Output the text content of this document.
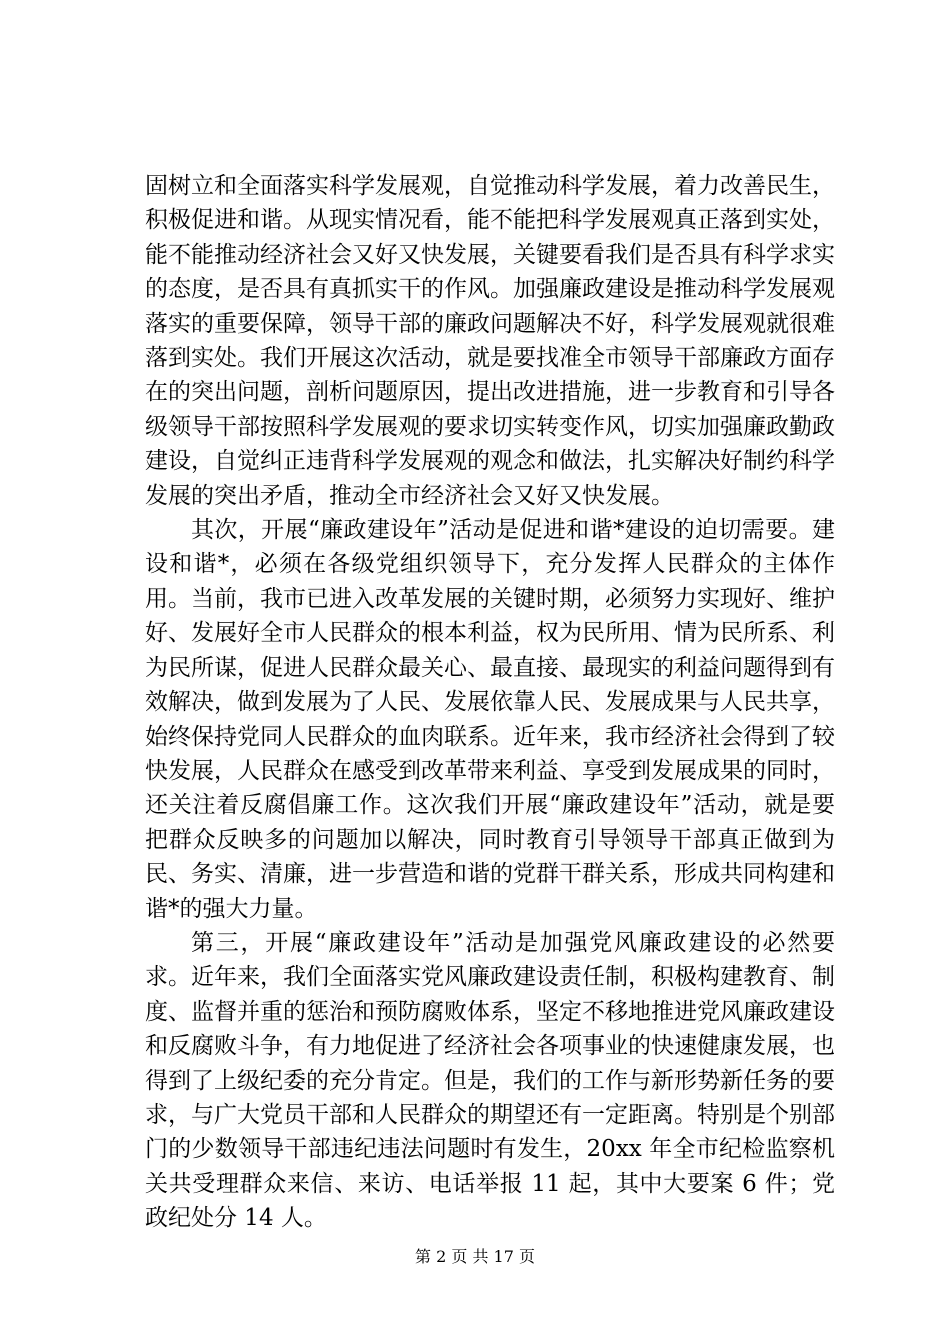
固树立和全面落实科学发展观，自觉推动科学发展，着力改善民生，积极促进和谐。从现实情况看，能不能把科学发展观真正落到实处，能不能推动经济社会又好又快发展，关键要看我们是否具有科学求实的态度，是否具有真抓实干的作风。加强廉政建设是推动科学发展观落实的重要保障，领导干部的廉政问题解决不好，科学发展观就很难落到实处。我们开展这次活动，就是要找准全市领导干部廉政方面存在的突出问题，剖析问题原因，提出改进措施，进一步教育和引导各级领导干部按照科学发展观的要求切实转变作风，切实加强廉政勤政建设，自觉纠正违背科学发展观的观念和做法，扎实解决好制约科学发展的突出矛盾，推动全市经济社会又好又快发展。

其次，开展“廉政建设年”活动是促进和谐*建设的迫切需要。建设和谐*，必须在各级党组织领导下，充分发挥人民群众的主体作用。当前，我市已进入改革发展的关键时期，必须努力实现好、维护好、发展好全市人民群众的根本利益，权为民所用、情为民所系、利为民所谋，促进人民群众最关心、最直接、最现实的利益问题得到有效解决，做到发展为了人民、发展依靠人民、发展成果与人民共享，始终保持党同人民群众的血肉联系。近年来，我市经济社会得到了较快发展，人民群众在感受到改革带来利益、享受到发展成果的同时，还关注着反腐倡廉工作。这次我们开展“廉政建设年”活动，就是要把群众反映多的问题加以解决，同时教育引导领导干部真正做到为民、务实、清廉，进一步营造和谐的党群干群关系，形成共同构建和谐*的强大力量。

第三，开展“廉政建设年”活动是加强党风廉政建设的必然要求。近年来，我们全面落实党风廉政建设责任制，积极构建教育、制度、监督并重的惩治和预防腐败体系，坚定不移地推进党风廉政建设和反腐败斗争，有力地促进了经济社会各项事业的快速健康发展，也得到了上级纪委的充分肯定。但是，我们的工作与新形势新任务的要求，与广大党员干部和人民群众的期望还有一定距离。特别是个别部门的少数领导干部违纪违法问题时有发生，20xx 年全市纪检监察机关共受理群众来信、来访、电话举报 11 起，其中大要案 6 件；党政纪处分 14 人。

第 2 页 共 17 页
